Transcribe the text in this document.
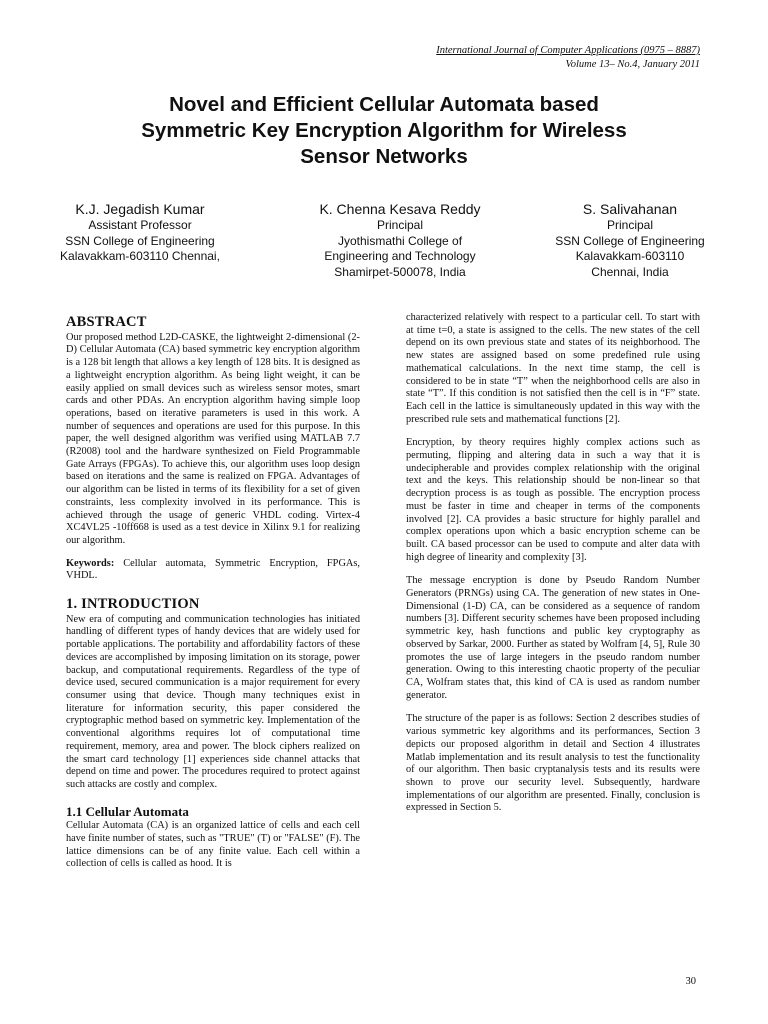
International Journal of Computer Applications (0975 – 8887)
Volume 13– No.4, January 2011
Novel and Efficient Cellular Automata based
Symmetric Key Encryption Algorithm for Wireless
Sensor Networks
K.J. Jegadish Kumar
Assistant Professor
SSN College of Engineering
Kalavakkam-603110 Chennai,
K. Chenna Kesava Reddy
Principal
Jyothismathi College of
Engineering and Technology
Shamirpet-500078, India
S. Salivahanan
Principal
SSN College of Engineering
Kalavakkam-603110
Chennai, India
ABSTRACT

Our proposed method L2D-CASKE, the lightweight 2-dimensional (2-D) Cellular Automata (CA) based symmetric key encryption algorithm is a 128 bit length that allows a key length of 128 bits. It is designed as a lightweight encryption algorithm. As being light weight, it can be easily applied on small devices such as wireless sensor motes, smart cards and other PDAs. An encryption algorithm having simple loop operations, based on iterative parameters is used in this work. A number of sequences and operations are used for this purpose. In this paper, the well designed algorithm was verified using MATLAB 7.7 (R2008) tool and the hardware synthesized on Field Programmable Gate Arrays (FPGAs). To achieve this, our algorithm uses loop design based on iterations and the same is realized on FPGA. Advantages of our algorithm can be listed in terms of its flexibility for a set of given constraints, less complexity involved in its performance. This is achieved through the usage of generic VHDL coding. Virtex-4 XC4VL25 -10ff668 is used as a test device in Xilinx 9.1 for realizing our algorithm.

Keywords: Cellular automata, Symmetric Encryption, FPGAs, VHDL.

1. INTRODUCTION

New era of computing and communication technologies has initiated handling of different types of handy devices that are widely used for portable applications. The portability and affordability factors of these devices are accomplished by imposing limitation on its storage, power backup, and computational requirements. Regardless of the type of device used, secured communication is a major requirement for every consumer using that device. Though many techniques exist in literature for information security, this paper considered the cryptographic method based on symmetric key. Implementation of the conventional algorithms requires lot of computational time requirement, memory, area and power. The block ciphers realized on the smart card technology [1] experiences side channel attacks that depend on time and power. The procedures required to protect against such attacks are costly and complex.

1.1 Cellular Automata

Cellular Automata (CA) is an organized lattice of cells and each cell have finite number of states, such as "TRUE" (T) or "FALSE" (F). The lattice dimensions can be of any finite value. Each cell within a collection of cells is called as hood. It is

characterized relatively with respect to a particular cell. To start with at time t=0, a state is assigned to the cells. The new states of the cell depend on its own previous state and states of its neighborhood. The new states are assigned based on some predefined rule using mathematical calculations. In the next time stamp, the cell is considered to be in state “T” when the neighborhood cells are also in state “T”. If this condition is not satisfied then the cell is in “F” state. Each cell in the lattice is simultaneously updated in this way with the prescribed rule sets and mathematical functions [2].

Encryption, by theory requires highly complex actions such as permuting, flipping and altering data in such a way that it is undecipherable and provides complex relationship with the original text and the keys. This relationship should be non-linear so that decryption process is as tough as possible. The encryption process must be faster in time and cheaper in terms of the components involved [2]. CA provides a basic structure for highly parallel and complex operations upon which a basic encryption scheme can be built. CA based processor can be used to compute and alter data with high degree of linearity and complexity [3].

The message encryption is done by Pseudo Random Number Generators (PRNGs) using CA. The generation of new states in One-Dimensional (1-D) CA, can be considered as a sequence of random numbers [3]. Different security schemes have been proposed including symmetric key, hash functions and public key cryptography as observed by Sarkar, 2000. Further as stated by Wolfram [4, 5], Rule 30 promotes the use of large integers in the pseudo random number generation. Owing to this interesting chaotic property of the peculiar CA, Wolfram states that, this kind of CA is used as random number generator.

The structure of the paper is as follows: Section 2 describes studies of various symmetric key algorithms and its performances, Section 3 depicts our proposed algorithm in detail and Section 4 illustrates Matlab implementation and its result analysis to test the functionality of our algorithm. Then basic cryptanalysis tests and its results were shown to prove our security level. Subsequently, hardware implementations of our algorithm are presented. Finally, conclusion is expressed in Section 5.

30
